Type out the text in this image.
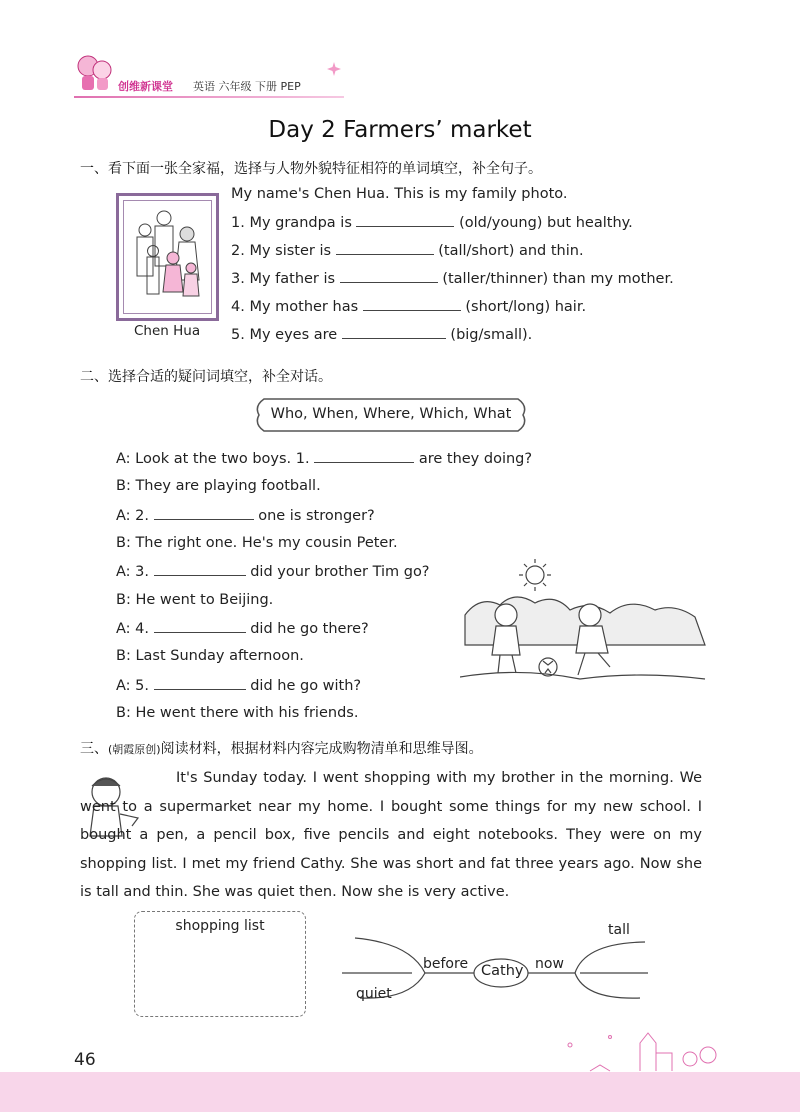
创维新课堂 英语 六年级 下册 PEP
Day 2 Farmers’ market
一、看下面一张全家福，选择与人物外貌特征相符的单词填空，补全句子。
Chen Hua
My name's Chen Hua. This is my family photo.
1. My grandpa is	(old/young) but healthy.
2. My sister is	(tall/short) and thin.
3. My father is	(taller/thinner) than my mother.
4. My mother has	(short/long) hair.
5. My eyes are	(big/small).
二、选择合适的疑问词填空，补全对话。
Who, When, Where, Which, What
A: Look at the two boys. 1.	are they doing?
B: They are playing football.
A: 2.	one is stronger?
B: The right one. He's my cousin Peter.
A: 3.	did your brother Tim go?
B: He went to Beijing.
A: 4.	did he go there?
B: Last Sunday afternoon.
A: 5.	did he go with?
B: He went there with his friends.
三、(朝霞原创)阅读材料，根据材料内容完成购物清单和思维导图。
It's Sunday today. I went shopping with my brother in the morning. We went to a supermarket near my home. I bought some things for my new school. I bought a pen, a pencil box, five pencils and eight notebooks. They were on my shopping list. I met my friend Cathy. She was short and fat three years ago. Now she is tall and thin. She was quiet then. Now she is very active.
shopping list
Cathy
before	now
tall
quiet
46
